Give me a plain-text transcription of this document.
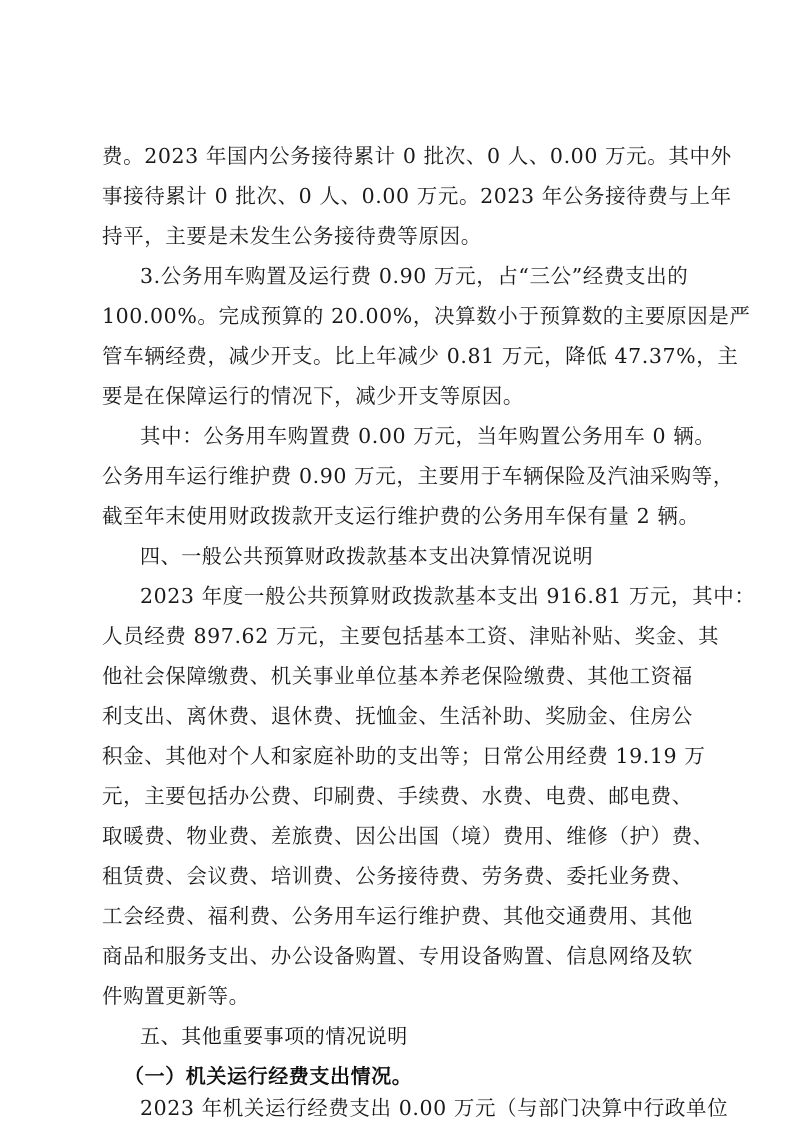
费。2023 年国内公务接待累计 0 批次、0 人、0.00 万元。其中外
事接待累计 0 批次、0 人、0.00 万元。2023 年公务接待费与上年
持平，主要是未发生公务接待费等原因。
3.公务用车购置及运行费 0.90 万元，占“三公”经费支出的
100.00%。完成预算的 20.00%，决算数小于预算数的主要原因是严
管车辆经费，减少开支。比上年减少 0.81 万元，降低 47.37%，主
要是在保障运行的情况下，减少开支等原因。
其中：公务用车购置费 0.00 万元，当年购置公务用车 0 辆。
公务用车运行维护费 0.90 万元，主要用于车辆保险及汽油采购等，
截至年末使用财政拨款开支运行维护费的公务用车保有量 2 辆。
四、一般公共预算财政拨款基本支出决算情况说明
2023 年度一般公共预算财政拨款基本支出 916.81 万元，其中：
人员经费 897.62 万元，主要包括基本工资、津贴补贴、奖金、其
他社会保障缴费、机关事业单位基本养老保险缴费、其他工资福
利支出、离休费、退休费、抚恤金、生活补助、奖励金、住房公
积金、其他对个人和家庭补助的支出等；日常公用经费 19.19 万
元，主要包括办公费、印刷费、手续费、水费、电费、邮电费、
取暖费、物业费、差旅费、因公出国（境）费用、维修（护）费、
租赁费、会议费、培训费、公务接待费、劳务费、委托业务费、
工会经费、福利费、公务用车运行维护费、其他交通费用、其他
商品和服务支出、办公设备购置、专用设备购置、信息网络及软
件购置更新等。
五、其他重要事项的情况说明
（一）机关运行经费支出情况。
2023 年机关运行经费支出 0.00 万元（与部门决算中行政单位
